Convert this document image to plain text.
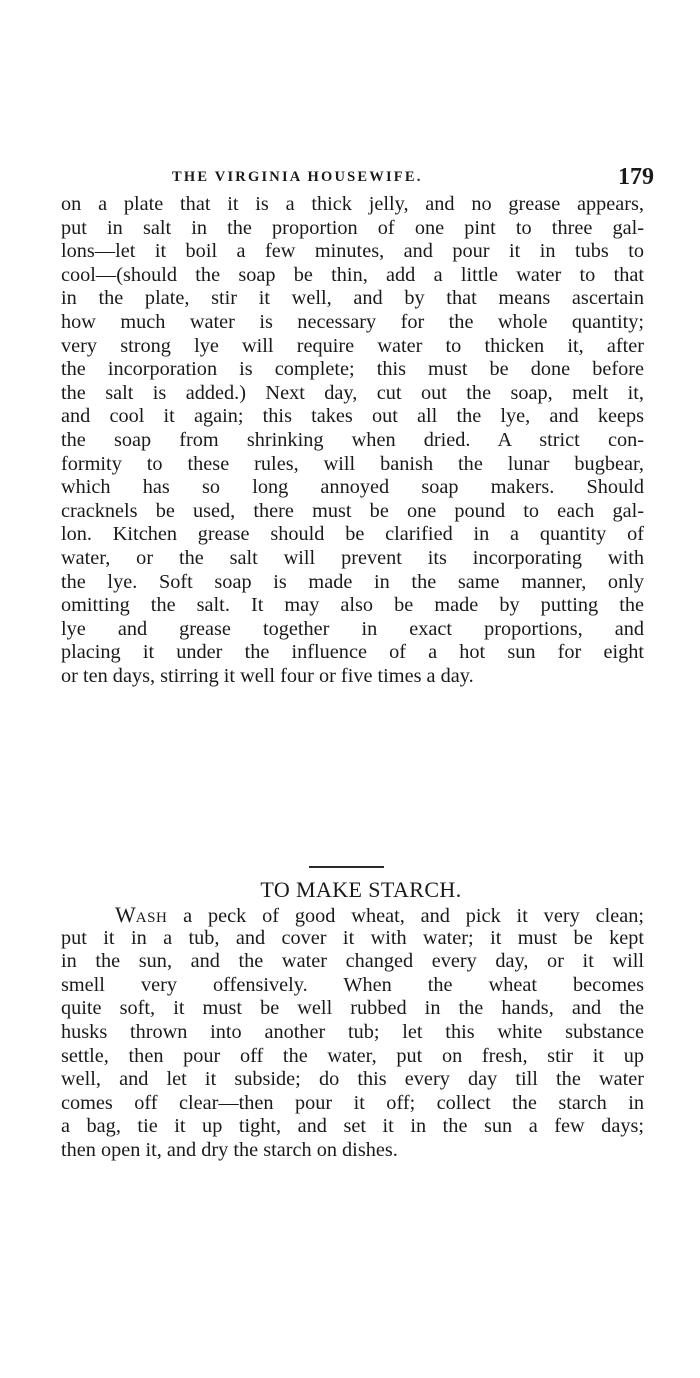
THE VIRGINIA HOUSEWIFE.	179
on a plate that it is a thick jelly, and no grease appears,
put in salt in the proportion of one pint to three gal-
lons—let it boil a few minutes, and pour it in tubs to
cool—(should the soap be thin, add a little water to that
in the plate, stir it well, and by that means ascertain
how much water is necessary for the whole quantity;
very strong lye will require water to thicken it, after
the incorporation is complete; this must be done before
the salt is added.) Next day, cut out the soap, melt it,
and cool it again; this takes out all the lye, and keeps
the soap from shrinking when dried. A strict con-
formity to these rules, will banish the lunar bugbear,
which has so long annoyed soap makers. Should
cracknels be used, there must be one pound to each gal-
lon. Kitchen grease should be clarified in a quantity of
water, or the salt will prevent its incorporating with
the lye. Soft soap is made in the same manner, only
omitting the salt. It may also be made by putting the
lye and grease together in exact proportions, and
placing it under the influence of a hot sun for eight
or ten days, stirring it well four or five times a day.
TO MAKE STARCH.
WASH a peck of good wheat, and pick it very clean;
put it in a tub, and cover it with water; it must be kept
in the sun, and the water changed every day, or it will
smell very offensively. When the wheat becomes
quite soft, it must be well rubbed in the hands, and the
husks thrown into another tub; let this white substance
settle, then pour off the water, put on fresh, stir it up
well, and let it subside; do this every day till the water
comes off clear—then pour it off; collect the starch in
a bag, tie it up tight, and set it in the sun a few days;
then open it, and dry the starch on dishes.
